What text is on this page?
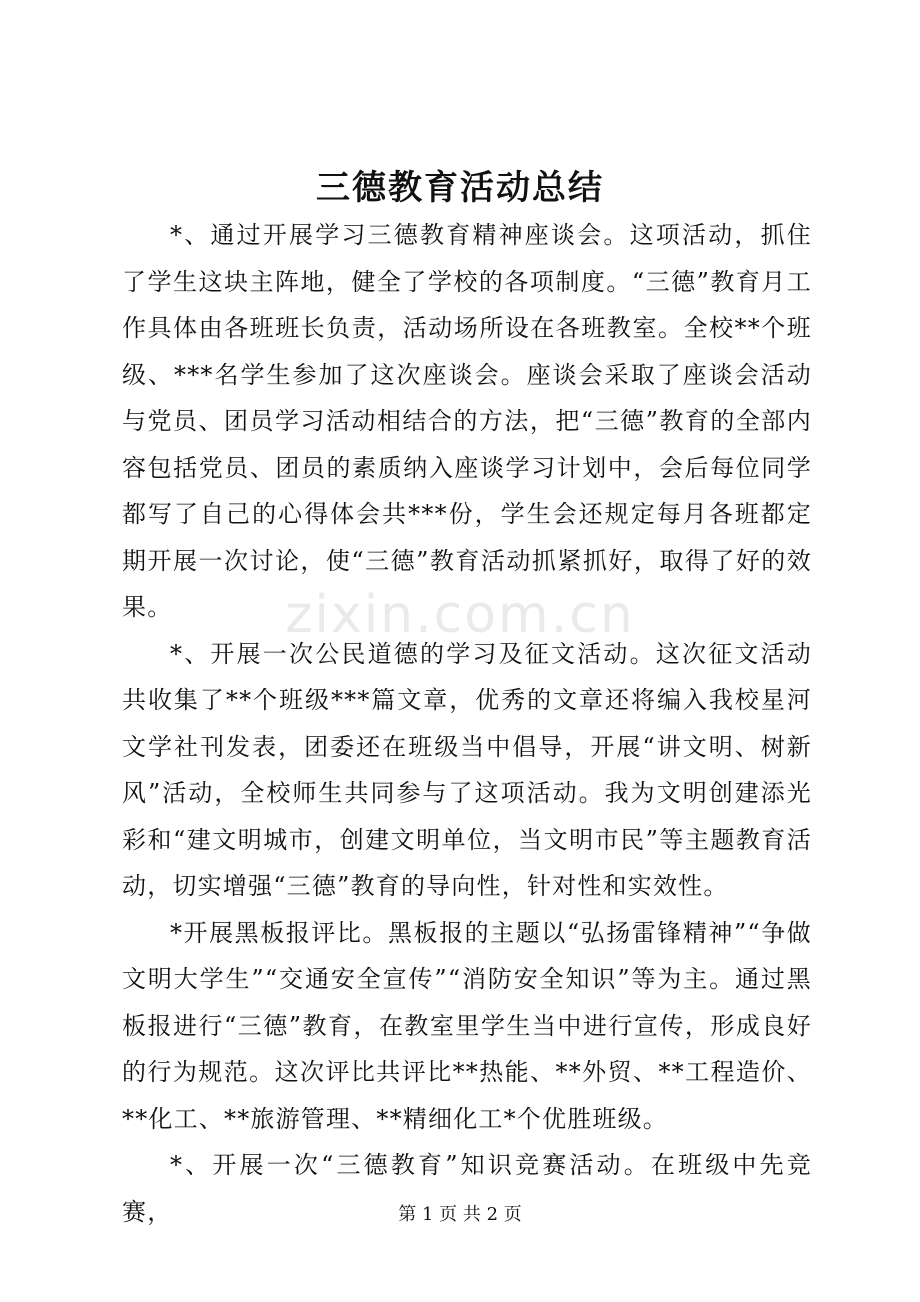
三德教育活动总结

*、通过开展学习三德教育精神座谈会。这项活动，抓住了学生这块主阵地，健全了学校的各项制度。“三德”教育月工作具体由各班班长负责，活动场所设在各班教室。全校**个班级、***名学生参加了这次座谈会。座谈会采取了座谈会活动与党员、团员学习活动相结合的方法，把“三德”教育的全部内容包括党员、团员的素质纳入座谈学习计划中，会后每位同学都写了自己的心得体会共***份，学生会还规定每月各班都定期开展一次讨论，使“三德”教育活动抓紧抓好，取得了好的效果。

*、开展一次公民道德的学习及征文活动。这次征文活动共收集了**个班级***篇文章，优秀的文章还将编入我校星河文学社刊发表，团委还在班级当中倡导，开展“讲文明、树新风”活动，全校师生共同参与了这项活动。我为文明创建添光彩和“建文明城市，创建文明单位，当文明市民”等主题教育活动，切实增强“三德”教育的导向性，针对性和实效性。

*开展黑板报评比。黑板报的主题以“弘扬雷锋精神”“争做文明大学生”“交通安全宣传”“消防安全知识”等为主。通过黑板报进行“三德”教育，在教室里学生当中进行宣传，形成良好的行为规范。这次评比共评比**热能、**外贸、**工程造价、**化工、**旅游管理、**精细化工*个优胜班级。

*、开展一次“三德教育”知识竞赛活动。在班级中先竞赛，

zixin.com.cn
第 1 页 共 2 页
